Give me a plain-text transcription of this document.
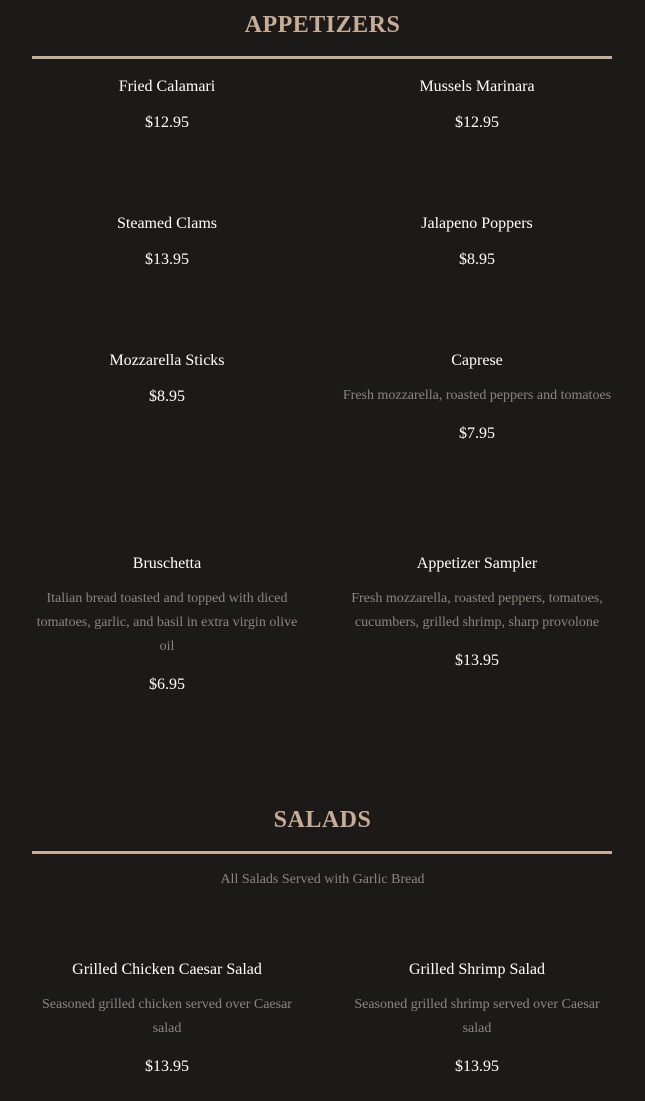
APPETIZERS
Fried Calamari
$12.95
Mussels Marinara
$12.95
Steamed Clams
$13.95
Jalapeno Poppers
$8.95
Mozzarella Sticks
$8.95
Caprese
Fresh mozzarella, roasted peppers and tomatoes
$7.95
Bruschetta
Italian bread toasted and topped with diced tomatoes, garlic, and basil in extra virgin olive oil
$6.95
Appetizer Sampler
Fresh mozzarella, roasted peppers, tomatoes, cucumbers, grilled shrimp, sharp provolone
$13.95
SALADS
All Salads Served with Garlic Bread
Grilled Chicken Caesar Salad
Seasoned grilled chicken served over Caesar salad
$13.95
Grilled Shrimp Salad
Seasoned grilled shrimp served over Caesar salad
$13.95
